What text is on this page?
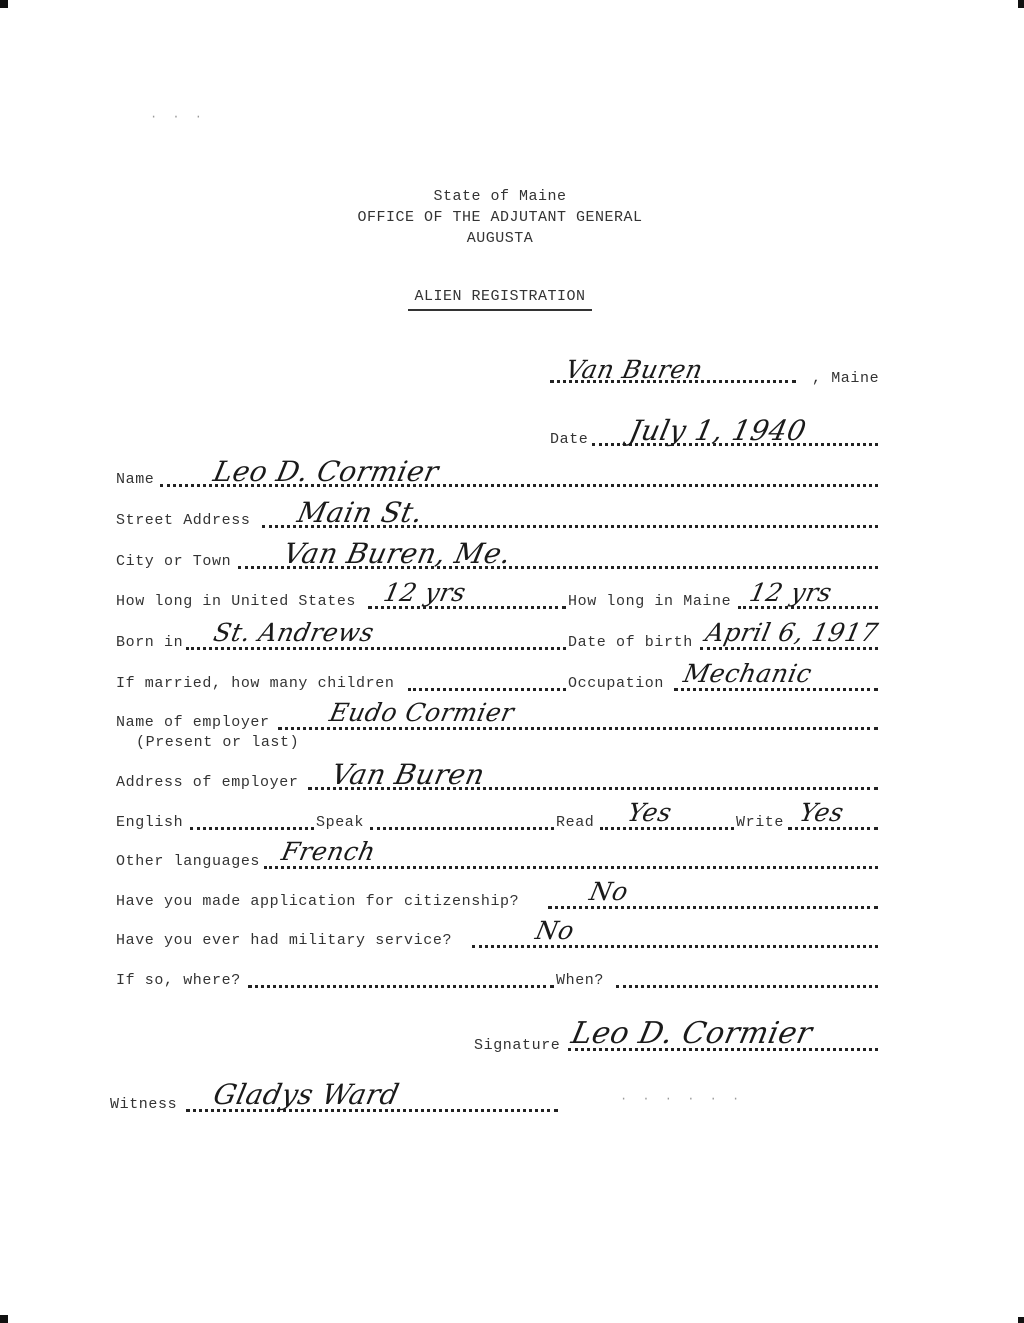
State of Maine
OFFICE OF THE ADJUTANT GENERAL
AUGUSTA
ALIEN REGISTRATION
Van Buren	, Maine
Date July 1, 1940
Name Leo D. Cormier
Street Address Main St.
City or Town Van Buren, Me.
How long in United States 12 yrs	How long in Maine 12 yrs
Born in St. Andrews	Date of birth April 6, 1917
If married, how many children	Occupation Mechanic
Name of employer Eudo Cormier
(Present or last)
Address of employer Van Buren
English	Speak	Read Yes	Write Yes
Other languages French
Have you made application for citizenship?	No
Have you ever had military service?	No
If so, where?	When?
Signature Leo D. Cormier
Witness Gladys Ward
· · ·
· · · · · ·
